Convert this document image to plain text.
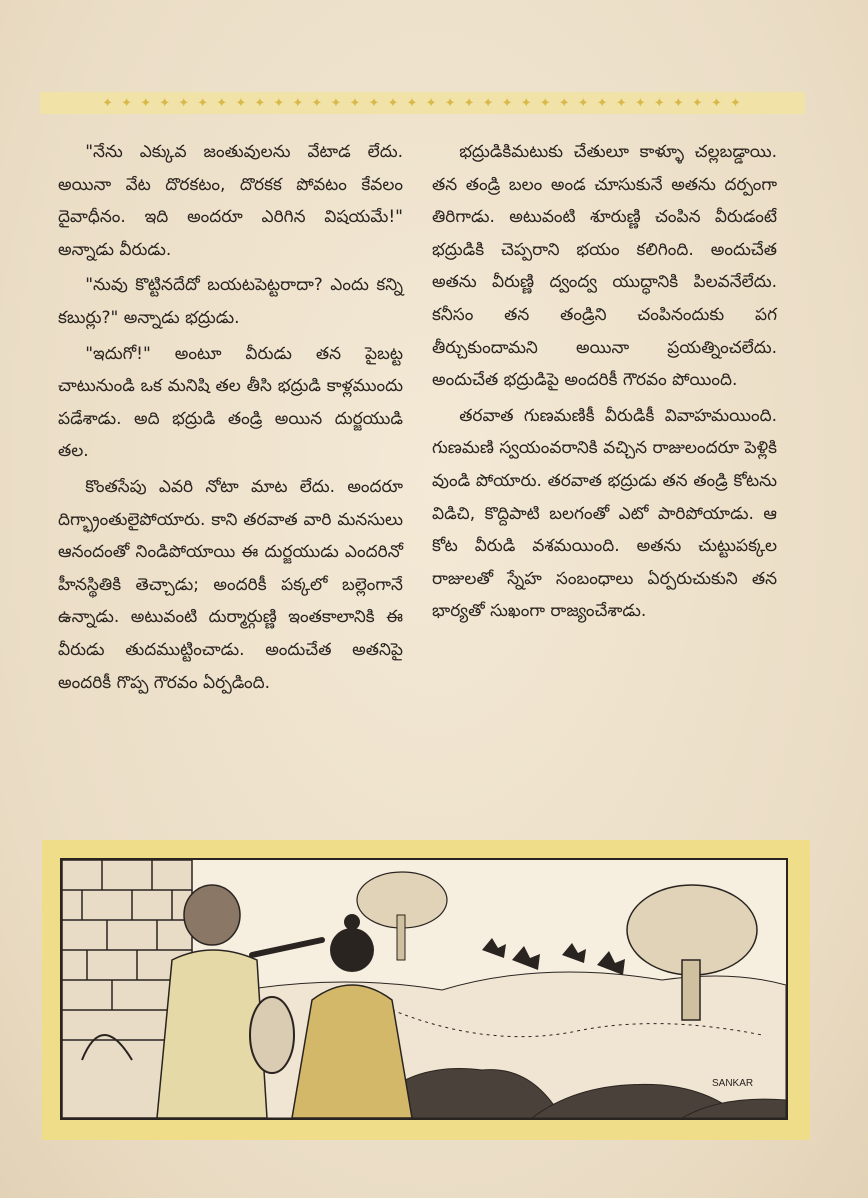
✦ ✦ ✦ ✦ ✦ ✦ ✦ ✦ ✦ ✦ ✦ ✦ ✦ ✦ ✦ ✦ ✦ ✦ ✦ ✦ ✦ ✦ ✦ ✦ ✦ ✦ ✦ ✦ ✦ ✦ ✦ ✦ ✦ ✦

"నేను ఎక్కువ జంతువులను వేటాడ లేదు. అయినా వేట దొరకటం, దొరకక పోవటం కేవలం దైవాధీనం. ఇది అందరూ ఎరిగిన విషయమే!" అన్నాడు వీరుడు.

"నువు కొట్టినదేదో బయటపెట్టరాదా? ఎందు కన్ని కబుర్లు?" అన్నాడు భద్రుడు.

"ఇదుగో!" అంటూ వీరుడు తన పైబట్ట చాటునుండి ఒక మనిషి తల తీసి భద్రుడి కాళ్లముందు పడేశాడు. అది భద్రుడి తండ్రి అయిన దుర్జయుడి తల.

కొంతసేపు ఎవరి నోటా మాట లేదు. అందరూ దిగ్భ్రాంతులైపోయారు. కాని తరవాత వారి మనసులు ఆనందంతో నిండిపోయాయి ఈ దుర్జయుడు ఎందరినో హీనస్థితికి తెచ్చాడు; అందరికీ పక్కలో బల్లెంగానే ఉన్నాడు. అటువంటి దుర్మార్గుణ్ణి ఇంతకాలానికి ఈ వీరుడు తుదముట్టించాడు. అందుచేత అతనిపై అందరికీ గొప్ప గౌరవం ఏర్పడింది.

భద్రుడికిమటుకు చేతులూ కాళ్ళూ చల్లబడ్డాయి. తన తండ్రి బలం అండ చూసుకునే అతను దర్పంగా తిరిగాడు. అటువంటి శూరుణ్ణి చంపిన వీరుడంటే భద్రుడికి చెప్పరాని భయం కలిగింది. అందుచేత అతను వీరుణ్ణి ద్వంద్వ యుద్ధానికి పిలవనేలేదు. కనీసం తన తండ్రిని చంపినందుకు పగ తీర్చుకుందామని అయినా ప్రయత్నించలేదు. అందుచేత భద్రుడిపై అందరికీ గౌరవం పోయింది.

తరవాత గుణమణికీ వీరుడికీ వివాహమయింది. గుణమణి స్వయంవరానికి వచ్చిన రాజులందరూ పెళ్లికి వుండి పోయారు. తరవాత భద్రుడు తన తండ్రి కోటను విడిచి, కొద్దిపాటి బలగంతో ఎటో పారిపోయాడు. ఆ కోట వీరుడి వశమయింది. అతను చుట్టుపక్కల రాజులతో స్నేహ సంబంధాలు ఏర్పరుచుకుని తన భార్యతో సుఖంగా రాజ్యంచేశాడు.

SANKAR
